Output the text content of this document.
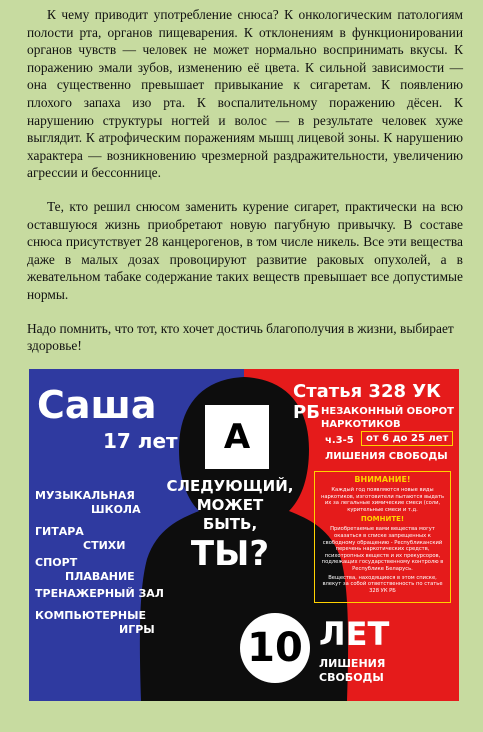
К чему приводит употребление снюса? К онкологическим патологиям полости рта, органов пищеварения. К отклонениям в функционировании органов чувств — человек не может нормально воспринимать вкусы. К поражению эмали зубов, изменению её цвета. К сильной зависимости — она существенно превышает привыкание к сигаретам. К появлению плохого запаха изо рта. К воспалительному поражению дёсен. К нарушению структуры ногтей и волос — в результате человек хуже выглядит. К атрофическим поражениям мышц лицевой зоны. К нарушению характера — возникновению чрезмерной раздражительности, увеличению агрессии и бессоннице.

Те, кто решил снюсом заменить курение сигарет, практически на всю оставшуюся жизнь приобретают новую пагубную привычку. В составе снюса присутствует 28 канцерогенов, в том числе никель. Все эти вещества даже в малых дозах провоцируют развитие раковых опухолей, а в жевательном табаке содержание таких веществ превышает все допустимые нормы.

Надо помнить, что тот, кто хочет достичь благополучия в жизни, выбирает здоровье!

Саша
17 лет
МУЗЫКАЛЬНАЯ
ШКОЛА
ГИТАРА
СТИХИ
СПОРТ
ПЛАВАНИЕ
ТРЕНАЖЕРНЫЙ ЗАЛ
КОМПЬЮТЕРНЫЕ
ИГРЫ
А
СЛЕДУЮЩИЙ,
МОЖЕТ
БЫТЬ,
ТЫ?
Статья 328 УК РБ НЕЗАКОННЫЙ ОБОРОТ
НАРКОТИКОВ
ч.3-5	от 6 до 25 лет
ЛИШЕНИЯ СВОБОДЫ
ВНИМАНИЕ!
Каждый год появляются новые виды наркотиков, изготовители пытаются выдать их за легальные химические смеси (соли, курительные смеси и т.д.
ПОМНИТЕ!
Приобретаемые вами вещества могут оказаться в списке запрещенных к свободному обращению - Республиканский перечень наркотических средств, психотропных веществ и их прекурсоров, подлежащих государственному контролю в Республике Беларусь.
Вещества, находящиеся в этом списке, влекут за собой ответственность по статье 328 УК РБ
10 ЛЕТ
ЛИШЕНИЯ
СВОБОДЫ
